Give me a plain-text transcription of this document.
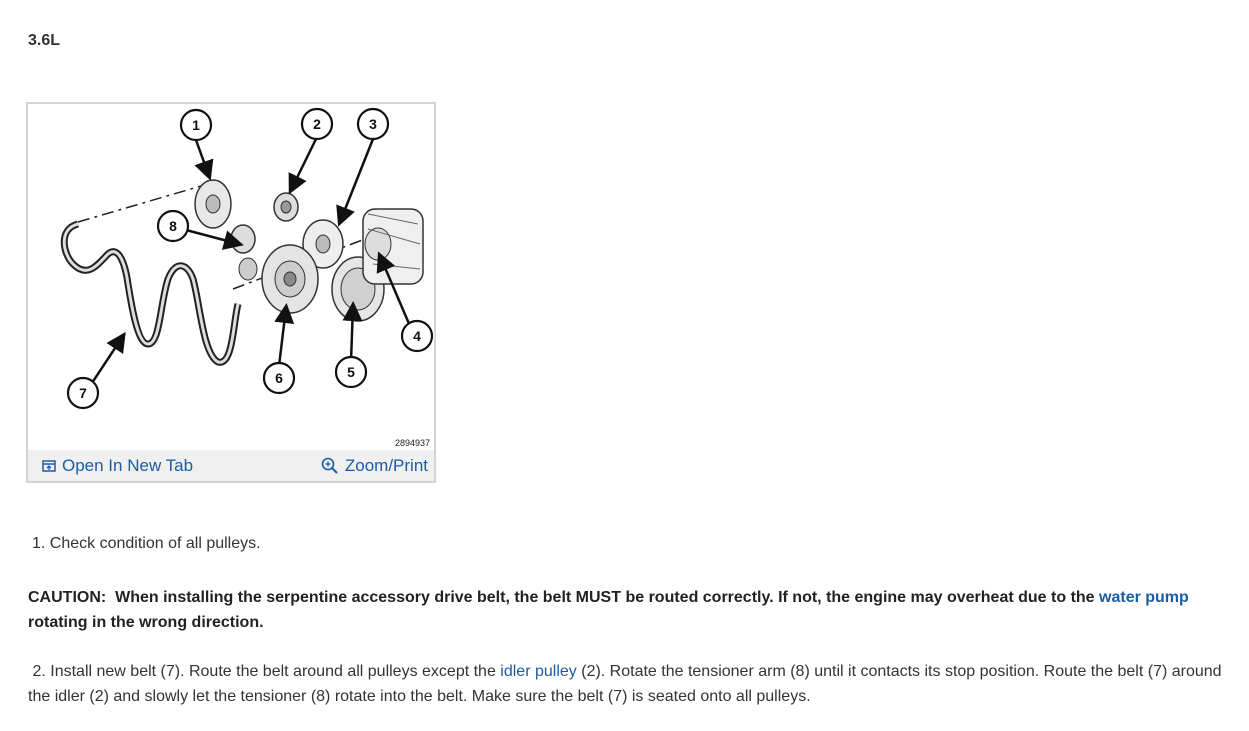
3.6L
1	2	3
4
5
6
7
8
2894937
Open In New Tab	Zoom/Print
1. Check condition of all pulleys.
CAUTION: When installing the serpentine accessory drive belt, the belt MUST be routed correctly. If not, the engine may overheat due to the water pump rotating in the wrong direction.
2. Install new belt (7). Route the belt around all pulleys except the idler pulley (2). Rotate the tensioner arm (8) until it contacts its stop position. Route the belt (7) around the idler (2) and slowly let the tensioner (8) rotate into the belt. Make sure the belt (7) is seated onto all pulleys.
